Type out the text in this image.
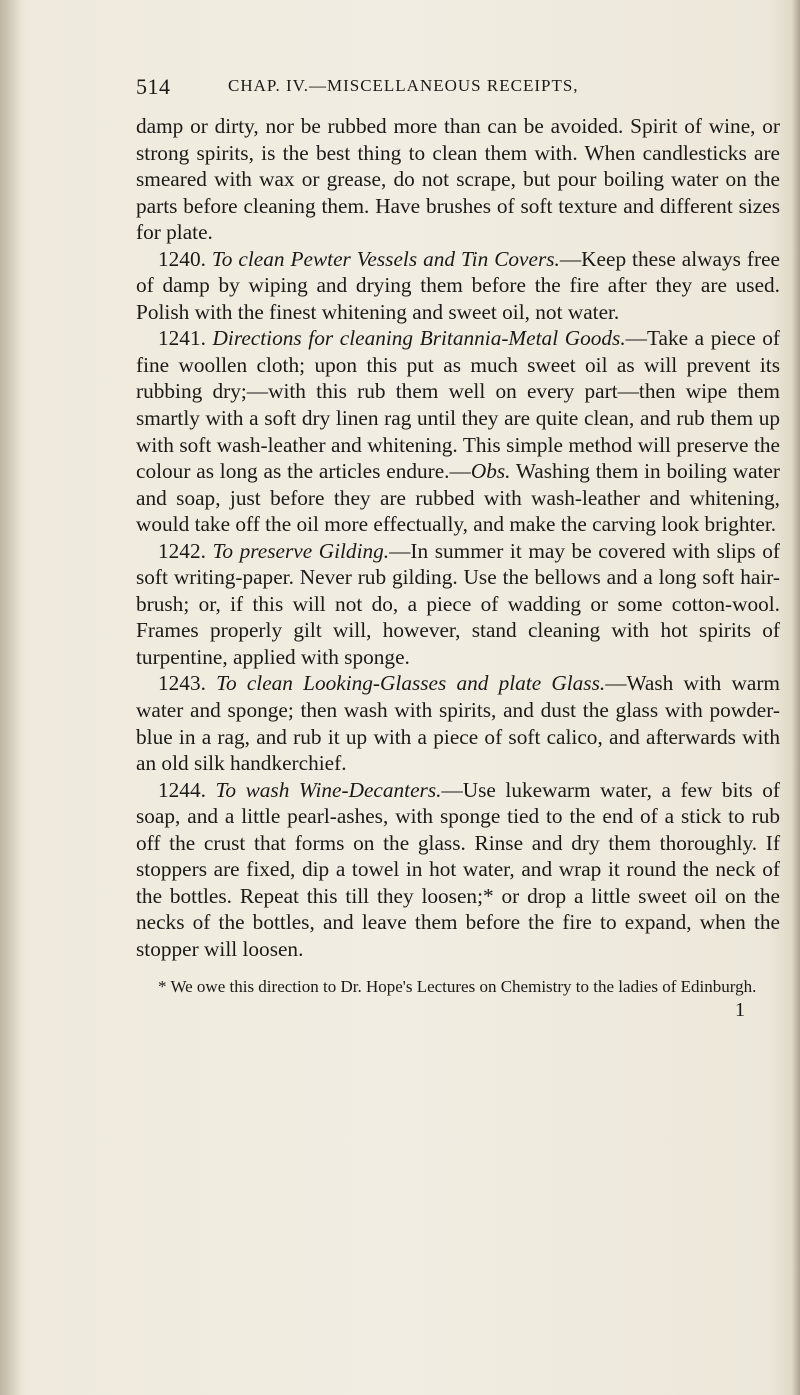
514	CHAP. IV.—MISCELLANEOUS RECEIPTS,

damp or dirty, nor be rubbed more than can be avoided. Spirit of wine, or strong spirits, is the best thing to clean them with. When candlesticks are smeared with wax or grease, do not scrape, but pour boiling water on the parts before cleaning them. Have brushes of soft texture and different sizes for plate.

1240. To clean Pewter Vessels and Tin Covers.—Keep these always free of damp by wiping and drying them before the fire after they are used. Polish with the finest whitening and sweet oil, not water.

1241. Directions for cleaning Britannia-Metal Goods.—Take a piece of fine woollen cloth; upon this put as much sweet oil as will prevent its rubbing dry;—with this rub them well on every part—then wipe them smartly with a soft dry linen rag until they are quite clean, and rub them up with soft wash-leather and whitening. This simple method will preserve the colour as long as the articles endure.—Obs. Washing them in boiling water and soap, just before they are rubbed with wash-leather and whitening, would take off the oil more effectually, and make the carving look brighter.

1242. To preserve Gilding.—In summer it may be covered with slips of soft writing-paper. Never rub gilding. Use the bellows and a long soft hair-brush; or, if this will not do, a piece of wadding or some cotton-wool. Frames properly gilt will, however, stand cleaning with hot spirits of turpentine, applied with sponge.

1243. To clean Looking-Glasses and plate Glass.—Wash with warm water and sponge; then wash with spirits, and dust the glass with powder-blue in a rag, and rub it up with a piece of soft calico, and afterwards with an old silk handkerchief.

1244. To wash Wine-Decanters.—Use lukewarm water, a few bits of soap, and a little pearl-ashes, with sponge tied to the end of a stick to rub off the crust that forms on the glass. Rinse and dry them thoroughly. If stoppers are fixed, dip a towel in hot water, and wrap it round the neck of the bottles. Repeat this till they loosen;* or drop a little sweet oil on the necks of the bottles, and leave them before the fire to expand, when the stopper will loosen.

* We owe this direction to Dr. Hope's Lectures on Chemistry to the ladies of Edinburgh.

1
